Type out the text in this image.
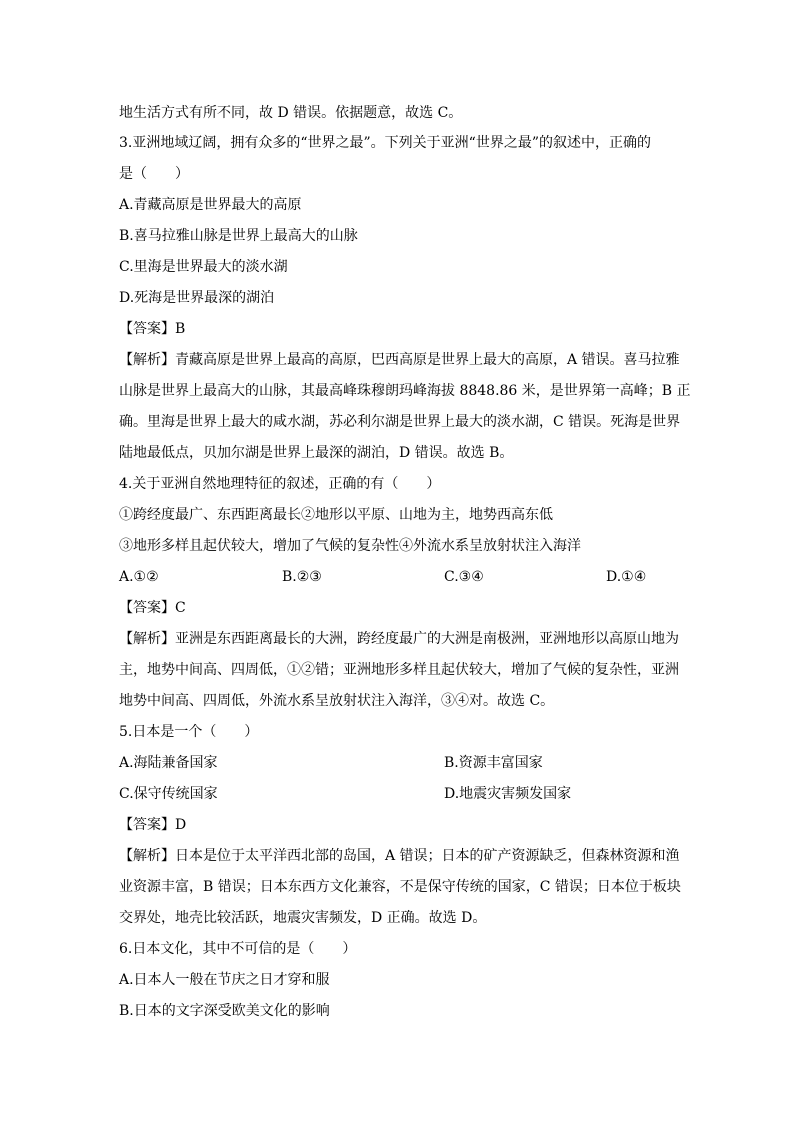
地生活方式有所不同，故 D 错误。依据题意，故选 C。
3.亚洲地域辽阔，拥有众多的“世界之最”。下列关于亚洲“世界之最”的叙述中，正确的
是（　　）
A.青藏高原是世界最大的高原
B.喜马拉雅山脉是世界上最高大的山脉
C.里海是世界最大的淡水湖
D.死海是世界最深的湖泊
【答案】B
【解析】青藏高原是世界上最高的高原，巴西高原是世界上最大的高原，A 错误。喜马拉雅
山脉是世界上最高大的山脉，其最高峰珠穆朗玛峰海拔 8848.86 米，是世界第一高峰；B 正
确。里海是世界上最大的咸水湖，苏必利尔湖是世界上最大的淡水湖，C 错误。死海是世界
陆地最低点，贝加尔湖是世界上最深的湖泊，D 错误。故选 B。
4.关于亚洲自然地理特征的叙述，正确的有（　　）
①跨经度最广、东西距离最长②地形以平原、山地为主，地势西高东低
③地形多样且起伏较大，增加了气候的复杂性④外流水系呈放射状注入海洋
A.①②	B.②③	C.③④	D.①④
【答案】C
【解析】亚洲是东西距离最长的大洲，跨经度最广的大洲是南极洲，亚洲地形以高原山地为
主，地势中间高、四周低，①②错；亚洲地形多样且起伏较大，增加了气候的复杂性，亚洲
地势中间高、四周低，外流水系呈放射状注入海洋，③④对。故选 C。
5.日本是一个（　　）
A.海陆兼备国家	B.资源丰富国家
C.保守传统国家	D.地震灾害频发国家
【答案】D
【解析】日本是位于太平洋西北部的岛国，A 错误；日本的矿产资源缺乏，但森林资源和渔
业资源丰富，B 错误；日本东西方文化兼容，不是保守传统的国家，C 错误；日本位于板块
交界处，地壳比较活跃，地震灾害频发，D 正确。故选 D。
6.日本文化，其中不可信的是（　　）
A.日本人一般在节庆之日才穿和服
B.日本的文字深受欧美文化的影响
